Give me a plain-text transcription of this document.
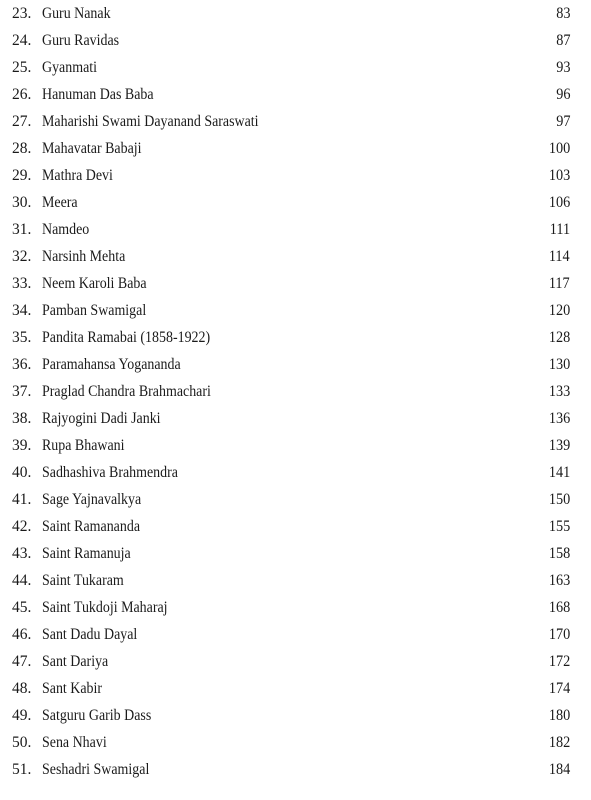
23. Guru Nanak	83
24. Guru Ravidas	87
25. Gyanmati	93
26. Hanuman Das Baba	96
27. Maharishi Swami Dayanand Saraswati	97
28. Mahavatar Babaji	100
29. Mathra Devi	103
30. Meera	106
31. Namdeo	111
32. Narsinh Mehta	114
33. Neem Karoli Baba	117
34. Pamban Swamigal	120
35. Pandita Ramabai (1858-1922)	128
36. Paramahansa Yogananda	130
37. Praglad Chandra Brahmachari	133
38. Rajyogini Dadi Janki	136
39. Rupa Bhawani	139
40. Sadhashiva Brahmendra	141
41. Sage Yajnavalkya	150
42. Saint Ramananda	155
43. Saint Ramanuja	158
44. Saint Tukaram	163
45. Saint Tukdoji Maharaj	168
46. Sant Dadu Dayal	170
47. Sant Dariya	172
48. Sant Kabir	174
49. Satguru Garib Dass	180
50. Sena Nhavi	182
51. Seshadri Swamigal	184
